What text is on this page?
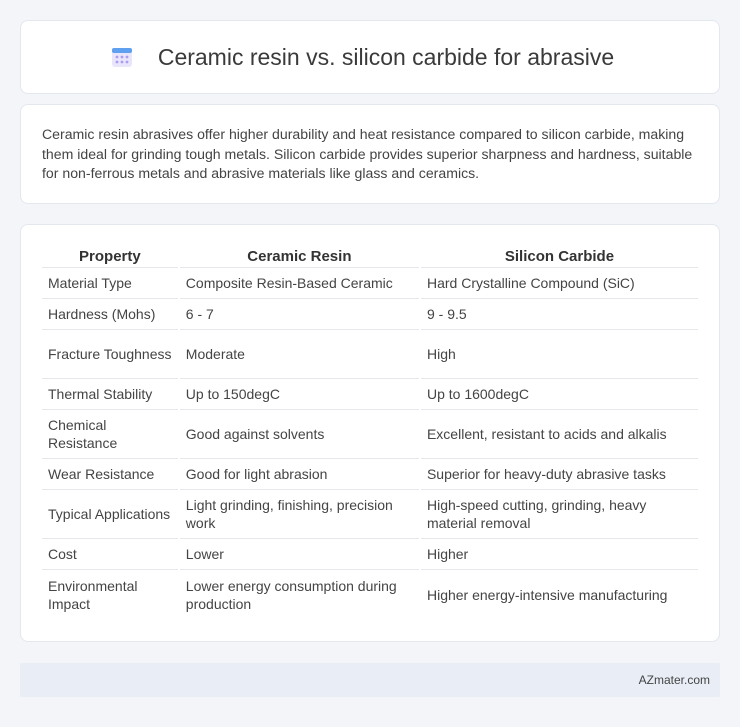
Ceramic resin vs. silicon carbide for abrasive

Ceramic resin abrasives offer higher durability and heat resistance compared to silicon carbide, making them ideal for grinding tough metals. Silicon carbide provides superior sharpness and hardness, suitable for non-ferrous metals and abrasive materials like glass and ceramics.

Property	Ceramic Resin	Silicon Carbide
Material Type	Composite Resin-Based Ceramic	Hard Crystalline Compound (SiC)
Hardness (Mohs)	6 - 7	9 - 9.5
Fracture Toughness	Moderate	High
Thermal Stability	Up to 150degC	Up to 1600degC
Chemical Resistance	Good against solvents	Excellent, resistant to acids and alkalis
Wear Resistance	Good for light abrasion	Superior for heavy-duty abrasive tasks
Typical Applications	Light grinding, finishing, precision work	High-speed cutting, grinding, heavy material removal
Cost	Lower	Higher
Environmental Impact	Lower energy consumption during production	Higher energy-intensive manufacturing
AZmater.com
